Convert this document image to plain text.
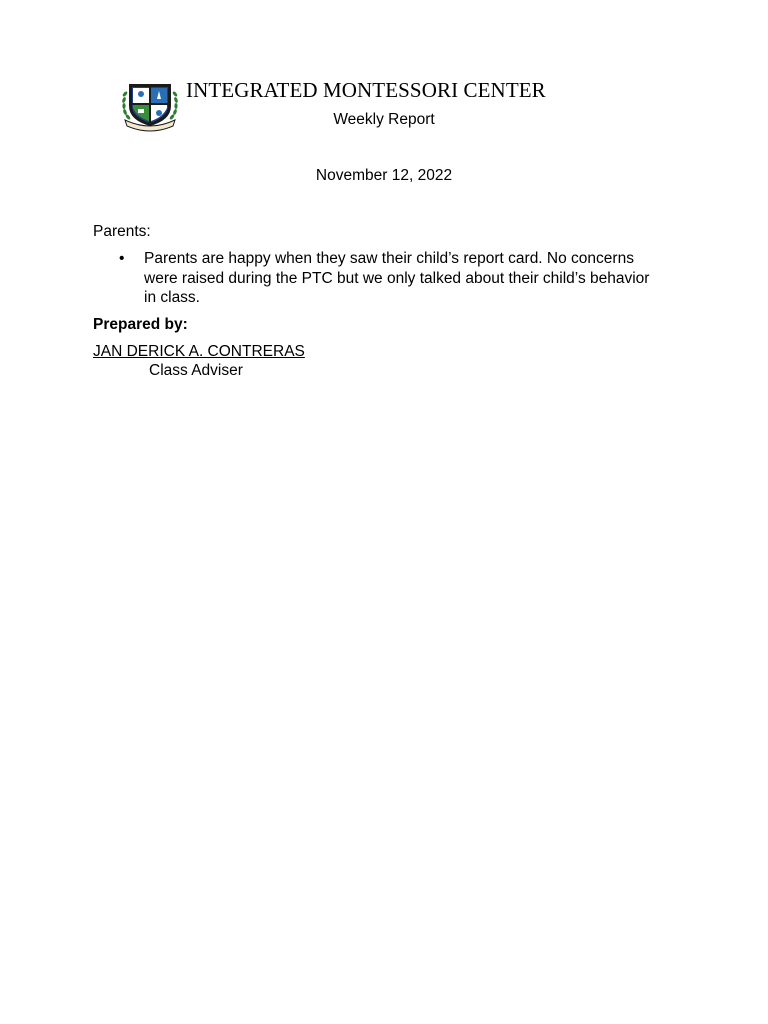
INTEGRATED MONTESSORI CENTER
Weekly Report
November 12, 2022
Parents:
• Parents are happy when they saw their child’s report card. No concerns were raised during the PTC but we only talked about their child’s behavior in class.
Prepared by:
JAN DERICK A. CONTRERAS
Class Adviser
